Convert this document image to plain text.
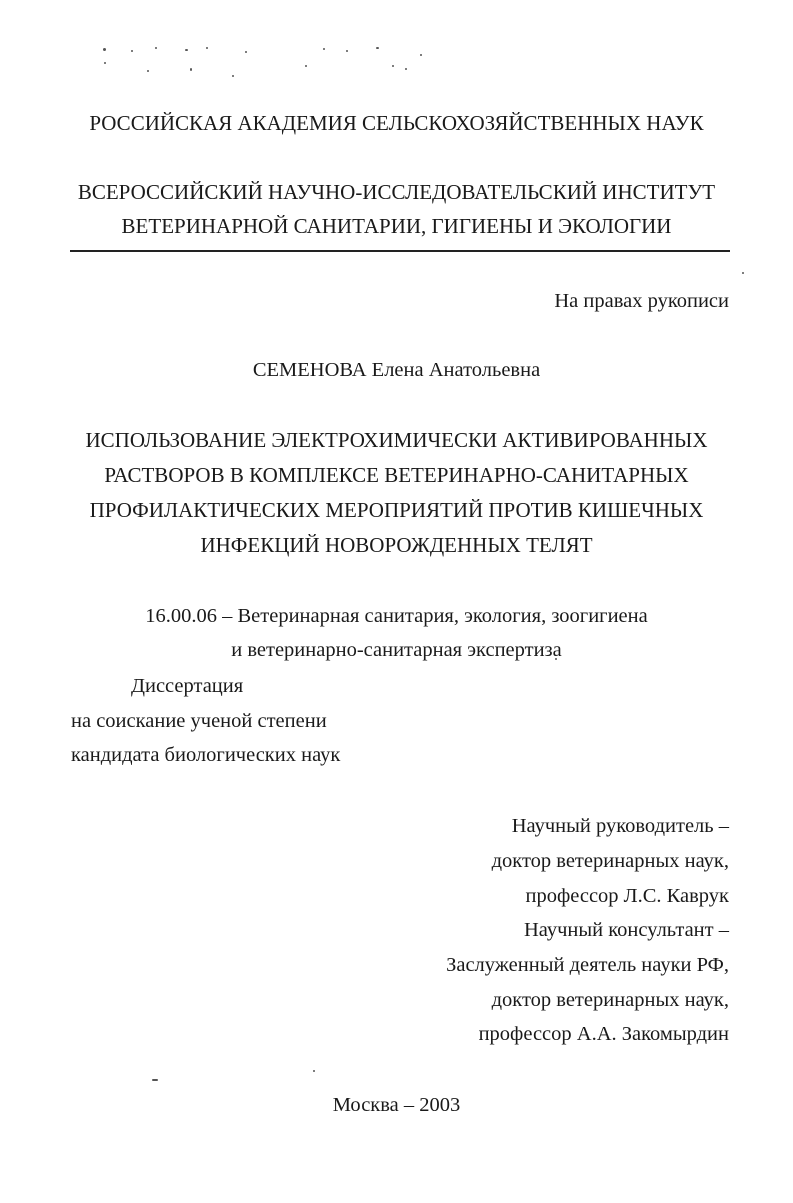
РОССИЙСКАЯ АКАДЕМИЯ СЕЛЬСКОХОЗЯЙСТВЕННЫХ НАУК
ВСЕРОССИЙСКИЙ НАУЧНО-ИССЛЕДОВАТЕЛЬСКИЙ ИНСТИТУТ
ВЕТЕРИНАРНОЙ САНИТАРИИ, ГИГИЕНЫ И ЭКОЛОГИИ
На правах рукописи
СЕМЕНОВА Елена Анатольевна
ИСПОЛЬЗОВАНИЕ ЭЛЕКТРОХИМИЧЕСКИ АКТИВИРОВАННЫХ
РАСТВОРОВ В КОМПЛЕКСЕ ВЕТЕРИНАРНО-САНИТАРНЫХ
ПРОФИЛАКТИЧЕСКИХ МЕРОПРИЯТИЙ ПРОТИВ КИШЕЧНЫХ
ИНФЕКЦИЙ НОВОРОЖДЕННЫХ ТЕЛЯТ
16.00.06 – Ветеринарная санитария, экология, зоогигиена
и ветеринарно-санитарная экспертиза
Диссертация
на соискание ученой степени
кандидата биологических наук
Научный руководитель –
доктор ветеринарных наук,
профессор Л.С. Каврук
Научный консультант –
Заслуженный деятель науки РФ,
доктор ветеринарных наук,
профессор А.А. Закомырдин
Москва – 2003
